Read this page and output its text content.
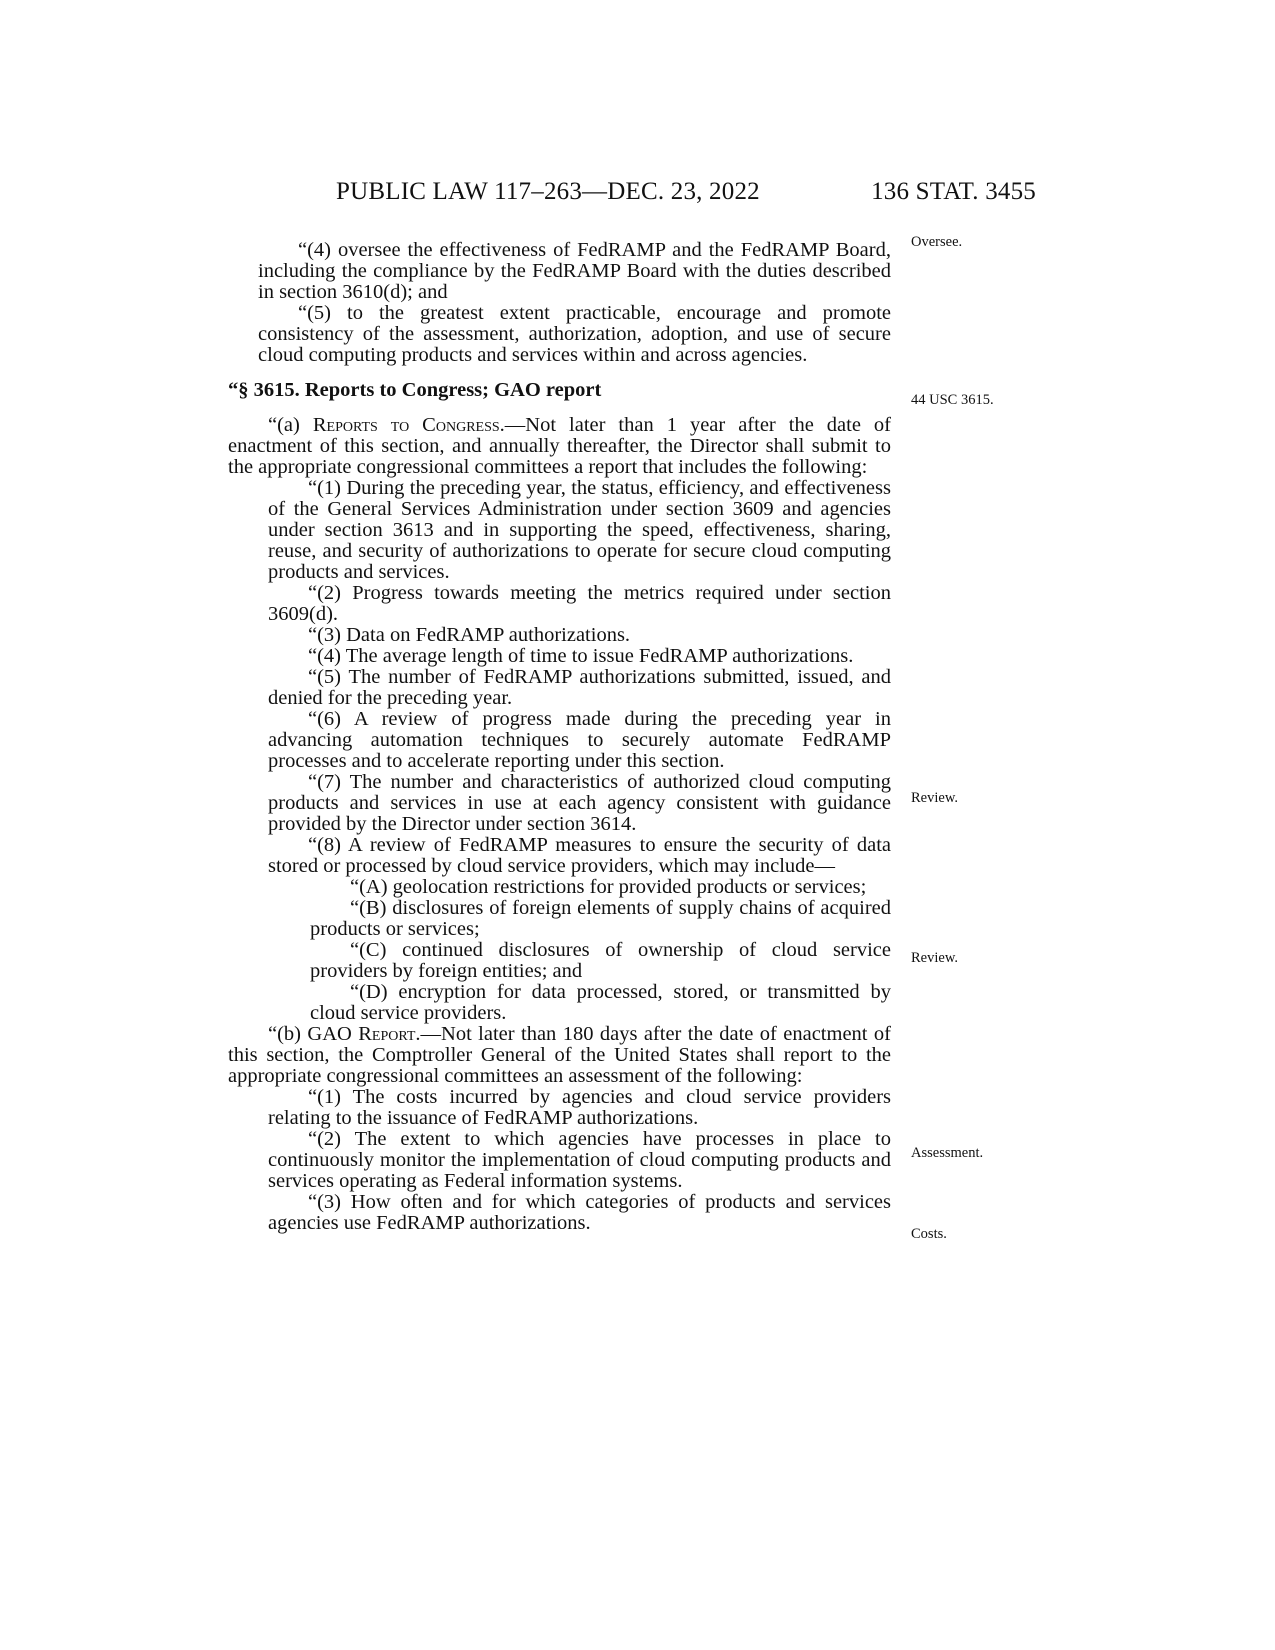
PUBLIC LAW 117–263—DEC. 23, 2022	136 STAT. 3455
Oversee.
44 USC 3615.
Review.
Review.
Assessment.
Costs.

“(4) oversee the effectiveness of FedRAMP and the FedRAMP Board, including the compliance by the FedRAMP Board with the duties described in section 3610(d); and

“(5) to the greatest extent practicable, encourage and promote consistency of the assessment, authorization, adoption, and use of secure cloud computing products and services within and across agencies.

“§ 3615. Reports to Congress; GAO report

“(a) Reports to Congress.—Not later than 1 year after the date of enactment of this section, and annually thereafter, the Director shall submit to the appropriate congressional committees a report that includes the following:

“(1) During the preceding year, the status, efficiency, and effectiveness of the General Services Administration under section 3609 and agencies under section 3613 and in supporting the speed, effectiveness, sharing, reuse, and security of authorizations to operate for secure cloud computing products and services.

“(2) Progress towards meeting the metrics required under section 3609(d).

“(3) Data on FedRAMP authorizations.

“(4) The average length of time to issue FedRAMP authorizations.

“(5) The number of FedRAMP authorizations submitted, issued, and denied for the preceding year.

“(6) A review of progress made during the preceding year in advancing automation techniques to securely automate FedRAMP processes and to accelerate reporting under this section.

“(7) The number and characteristics of authorized cloud computing products and services in use at each agency consistent with guidance provided by the Director under section 3614.

“(8) A review of FedRAMP measures to ensure the security of data stored or processed by cloud service providers, which may include—

“(A) geolocation restrictions for provided products or services;

“(B) disclosures of foreign elements of supply chains of acquired products or services;

“(C) continued disclosures of ownership of cloud service providers by foreign entities; and

“(D) encryption for data processed, stored, or transmitted by cloud service providers.

“(b) GAO Report.—Not later than 180 days after the date of enactment of this section, the Comptroller General of the United States shall report to the appropriate congressional committees an assessment of the following:

“(1) The costs incurred by agencies and cloud service providers relating to the issuance of FedRAMP authorizations.

“(2) The extent to which agencies have processes in place to continuously monitor the implementation of cloud computing products and services operating as Federal information systems.

“(3) How often and for which categories of products and services agencies use FedRAMP authorizations.
